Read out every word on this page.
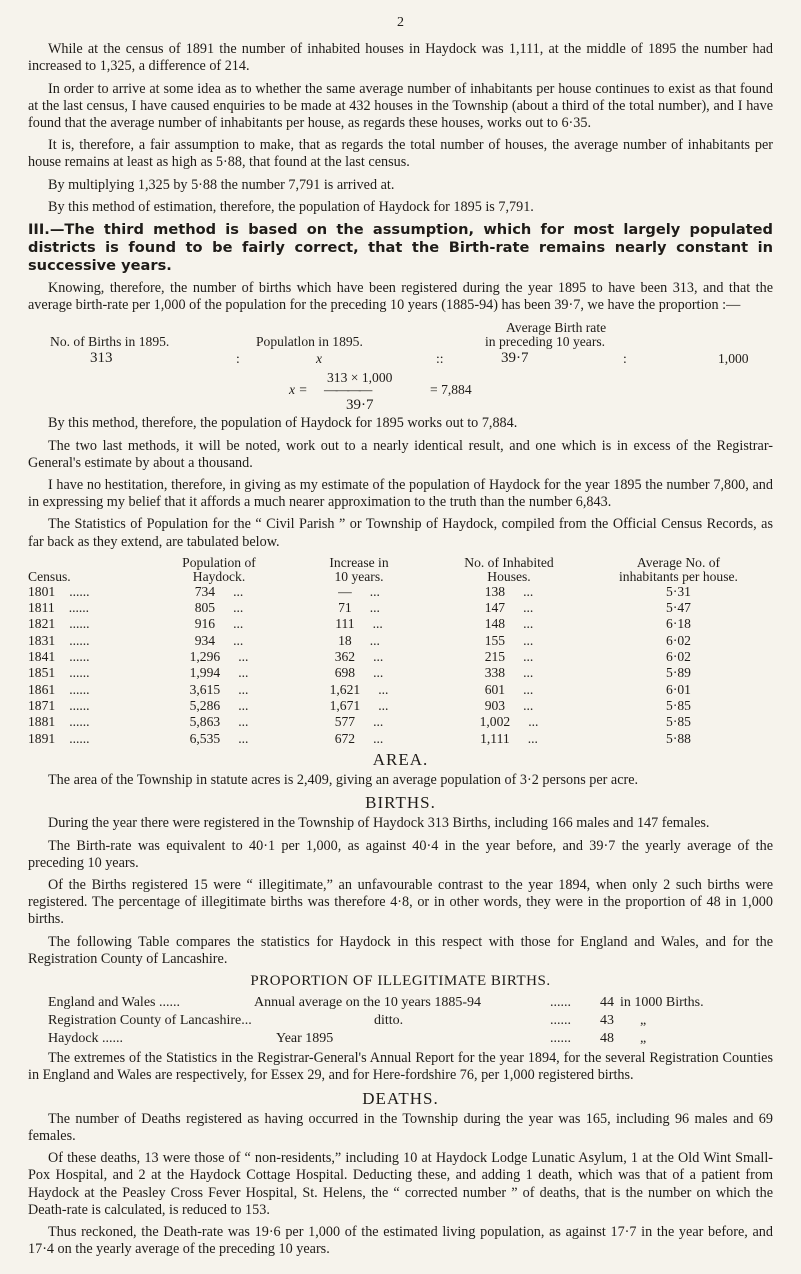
2

While at the census of 1891 the number of inhabited houses in Haydock was 1,111, at the middle of 1895 the number had increased to 1,325, a difference of 214.

In order to arrive at some idea as to whether the same average number of inhabitants per house continues to exist as that found at the last census, I have caused enquiries to be made at 432 houses in the Township (about a third of the total number), and I have found that the average number of inhabitants per house, as regards these houses, works out to 6·35.

It is, therefore, a fair assumption to make, that as regards the total number of houses, the average number of inhabitants per house remains at least as high as 5·88, that found at the last census.

By multiplying 1,325 by 5·88 the number 7,791 is arrived at.

By this method of estimation, therefore, the population of Haydock for 1895 is 7,791.

III.—The third method is based on the assumption, which for most largely populated districts is found to be fairly correct, that the Birth-rate remains nearly constant in successive years.

Knowing, therefore, the number of births which have been registered during the year 1895 to have been 313, and that the average birth-rate per 1,000 of the population for the preceding 10 years (1885-94) has been 39·7, we have the proportion :—

Average Birth rate
No. of Births in 1895.	Populatlon in 1895.	in preceding 10 years.
313	:	x	::	39·7	:	1,000
313 × 1,000
x = ————	= 7,884
39·7

By this method, therefore, the population of Haydock for 1895 works out to 7,884.

The two last methods, it will be noted, work out to a nearly identical result, and one which is in excess of the Registrar-General's estimate by about a thousand.

I have no hestitation, therefore, in giving as my estimate of the population of Haydock for the year 1895 the number 7,800, and in expressing my belief that it affords a much nearer approximation to the truth than the number 6,843.

The Statistics of Population for the “ Civil Parish ” or Township of Haydock, compiled from the Official Census Records, as far back as they extend, are tabulated below.

	Population of	Increase in	No. of Inhabited	Average No. of
Census.	Haydock.	10 years.	Houses.	inhabitants per house.
1801 ......	734 ...	— ...	138 ...	5·31
1811 ......	805 ...	71 ...	147 ...	5·47
1821 ......	916 ...	111 ...	148 ...	6·18
1831 ......	934 ...	18 ...	155 ...	6·02
1841 ......	1,296 ...	362 ...	215 ...	6·02
1851 ......	1,994 ...	698 ...	338 ...	5·89
1861 ......	3,615 ...	1,621 ...	601 ...	6·01
1871 ......	5,286 ...	1,671 ...	903 ...	5·85
1881 ......	5,863 ...	577 ...	1,002 ...	5·85
1891 ......	6,535 ...	672 ...	1,111 ...	5·88
AREA.

The area of the Township in statute acres is 2,409, giving an average population of 3·2 persons per acre.

BIRTHS.

During the year there were registered in the Township of Haydock 313 Births, including 166 males and 147 females.

The Birth-rate was equivalent to 40·1 per 1,000, as against 40·4 in the year before, and 39·7 the yearly average of the preceding 10 years.

Of the Births registered 15 were “ illegitimate,” an unfavourable contrast to the year 1894, when only 2 such births were registered. The percentage of illegitimate births was therefore 4·8, or in other words, they were in the proportion of 48 in 1,000 births.

The following Table compares the statistics for Haydock in this respect with those for England and Wales, and for the Registration County of Lancashire.

PROPORTION OF ILLEGITIMATE BIRTHS.
England and Wales ......	Annual average on the 10 years 1885-94	...... 44 in 1000 Births.
Registration County of Lancashire...	ditto.	...... 43 „
Haydock ......	Year 1895	...... 48 „

The extremes of the Statistics in the Registrar-General's Annual Report for the year 1894, for the several Registration Counties in England and Wales are respectively, for Essex 29, and for Here-fordshire 76, per 1,000 registered births.

DEATHS.

The number of Deaths registered as having occurred in the Township during the year was 165, including 96 males and 69 females.

Of these deaths, 13 were those of “ non-residents,” including 10 at Haydock Lodge Lunatic Asylum, 1 at the Old Wint Small-Pox Hospital, and 2 at the Haydock Cottage Hospital. Deducting these, and adding 1 death, which was that of a patient from Haydock at the Peasley Cross Fever Hospital, St. Helens, the “ corrected number ” of deaths, that is the number on which the Death-rate is calculated, is reduced to 153.

Thus reckoned, the Death-rate was 19·6 per 1,000 of the estimated living population, as against 17·7 in the year before, and 17·4 on the yearly average of the preceding 10 years.
